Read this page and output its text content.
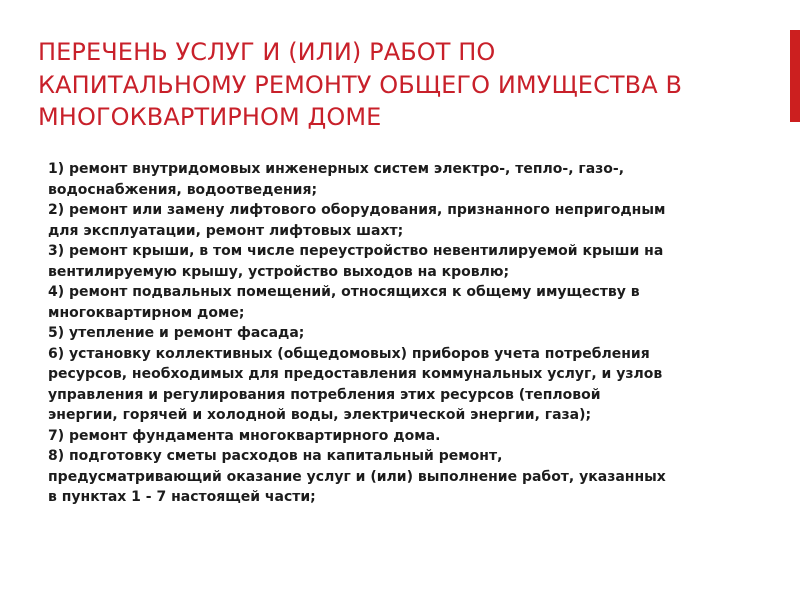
ПЕРЕЧЕНЬ УСЛУГ И (ИЛИ) РАБОТ ПО
КАПИТАЛЬНОМУ РЕМОНТУ ОБЩЕГО ИМУЩЕСТВА В
МНОГОКВАРТИРНОМ ДОМЕ
1) ремонт внутридомовых инженерных систем электро-, тепло-, газо-,
водоснабжения, водоотведения;
2) ремонт или замену лифтового оборудования, признанного непригодным
для эксплуатации, ремонт лифтовых шахт;
3) ремонт крыши, в том числе переустройство невентилируемой крыши на
вентилируемую крышу, устройство выходов на кровлю;
4) ремонт подвальных помещений, относящихся к общему имуществу в
многоквартирном доме;
5) утепление и ремонт фасада;
6) установку коллективных (общедомовых) приборов учета потребления
ресурсов, необходимых для предоставления коммунальных услуг, и узлов
управления и регулирования потребления этих ресурсов (тепловой
энергии, горячей и холодной воды, электрической энергии, газа);
7) ремонт фундамента многоквартирного дома.
8) подготовку сметы расходов на капитальный ремонт,
предусматривающий оказание услуг и (или) выполнение работ, указанных
в пунктах 1 - 7 настоящей части;
